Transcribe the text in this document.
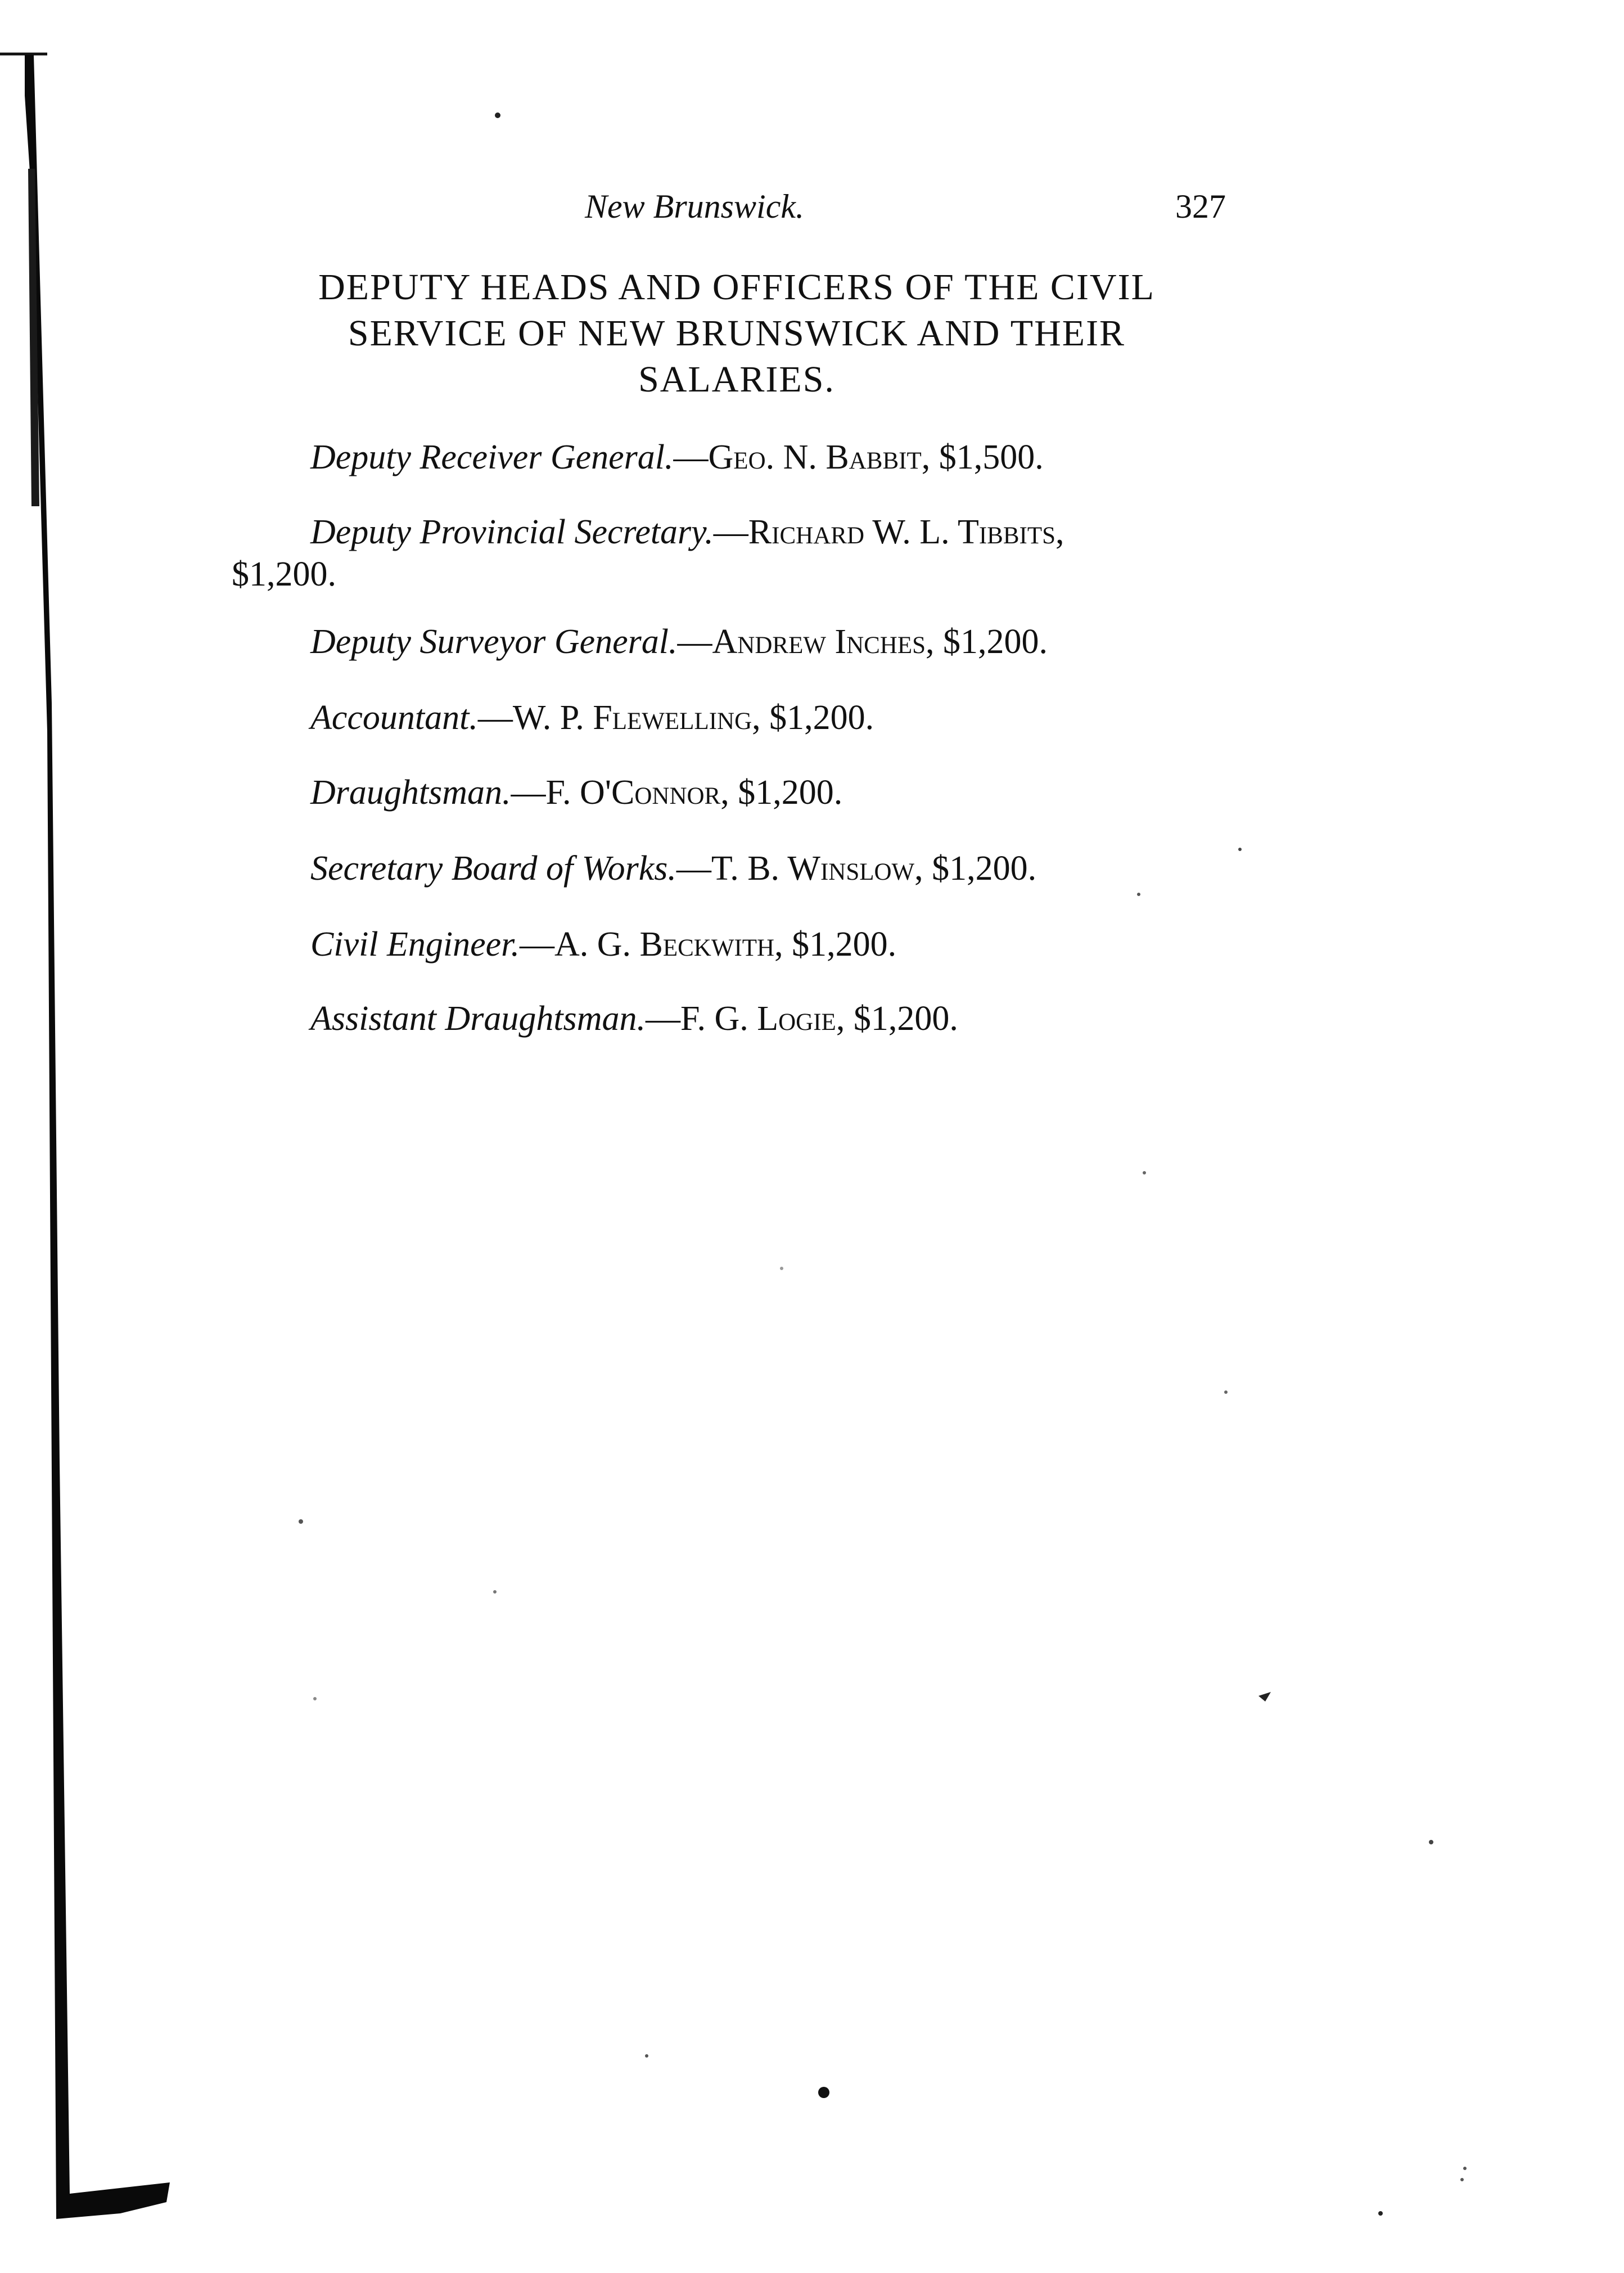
New Brunswick.	327
DEPUTY HEADS AND OFFICERS OF THE CIVIL
SERVICE OF NEW BRUNSWICK AND THEIR
SALARIES.
Deputy Receiver General.—Geo. N. Babbit, $1,500.
Deputy Provincial Secretary.—Richard W. L. Tibbits,
$1,200.
Deputy Surveyor General.—Andrew Inches, $1,200.
Accountant.—W. P. Flewelling, $1,200.
Draughtsman.—F. O'Connor, $1,200.
Secretary Board of Works.—T. B. Winslow, $1,200.
Civil Engineer.—A. G. Beckwith, $1,200.
Assistant Draughtsman.—F. G. Logie, $1,200.
